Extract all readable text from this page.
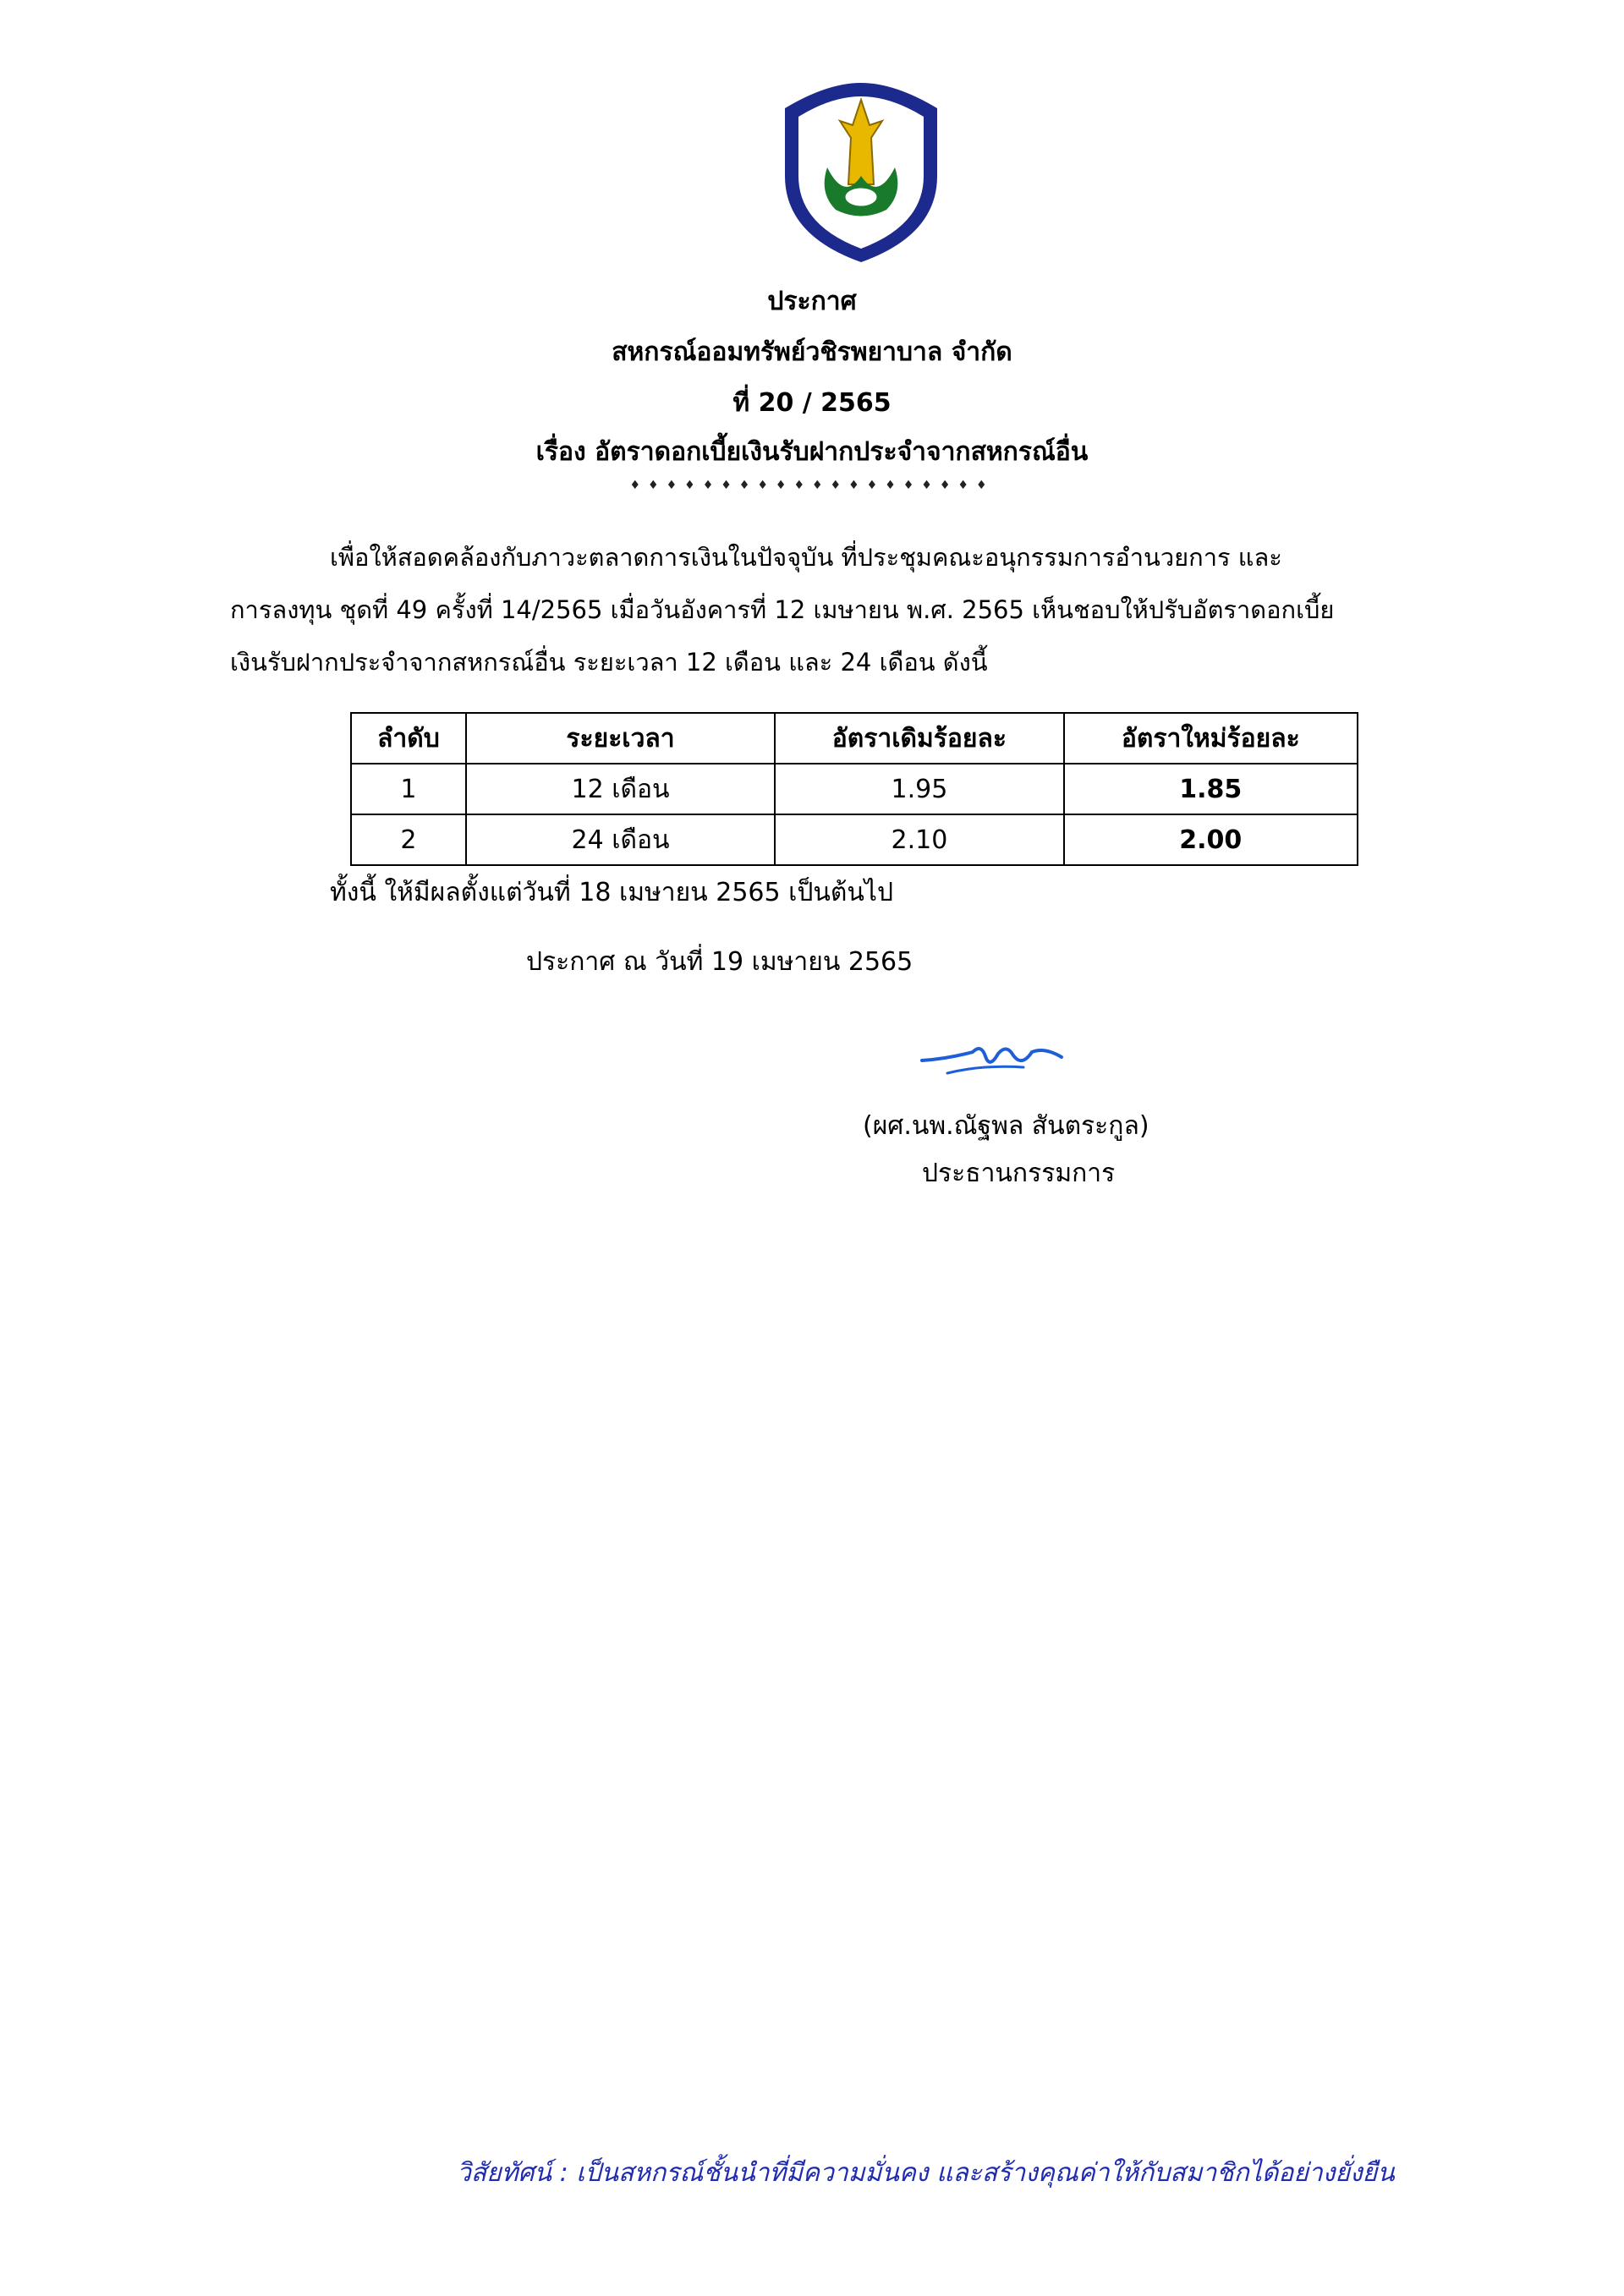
ประกาศ
สหกรณ์ออมทรัพย์วชิรพยาบาล จำกัด
ที่ 20 / 2565
เรื่อง อัตราดอกเบี้ยเงินรับฝากประจำจากสหกรณ์อื่น
♦♦♦♦♦♦♦♦♦♦♦♦♦♦♦♦♦♦♦♦
เพื่อให้สอดคล้องกับภาวะตลาดการเงินในปัจจุบัน ที่ประชุมคณะอนุกรรมการอำนวยการ และ
การลงทุน ชุดที่ 49 ครั้งที่ 14/2565 เมื่อวันอังคารที่ 12 เมษายน พ.ศ. 2565 เห็นชอบให้ปรับอัตราดอกเบี้ย
เงินรับฝากประจำจากสหกรณ์อื่น ระยะเวลา 12 เดือน และ 24 เดือน ดังนี้
ลำดับ	ระยะเวลา	อัตราเดิมร้อยละ	อัตราใหม่ร้อยละ
1	12 เดือน	1.95	1.85
2	24 เดือน	2.10	2.00
ทั้งนี้ ให้มีผลตั้งแต่วันที่ 18 เมษายน 2565 เป็นต้นไป
ประกาศ ณ วันที่ 19 เมษายน 2565
(ผศ.นพ.ณัฐพล สันตระกูล)
ประธานกรรมการ
วิสัยทัศน์ : เป็นสหกรณ์ชั้นนำที่มีความมั่นคง และสร้างคุณค่าให้กับสมาชิกได้อย่างยั่งยืน
